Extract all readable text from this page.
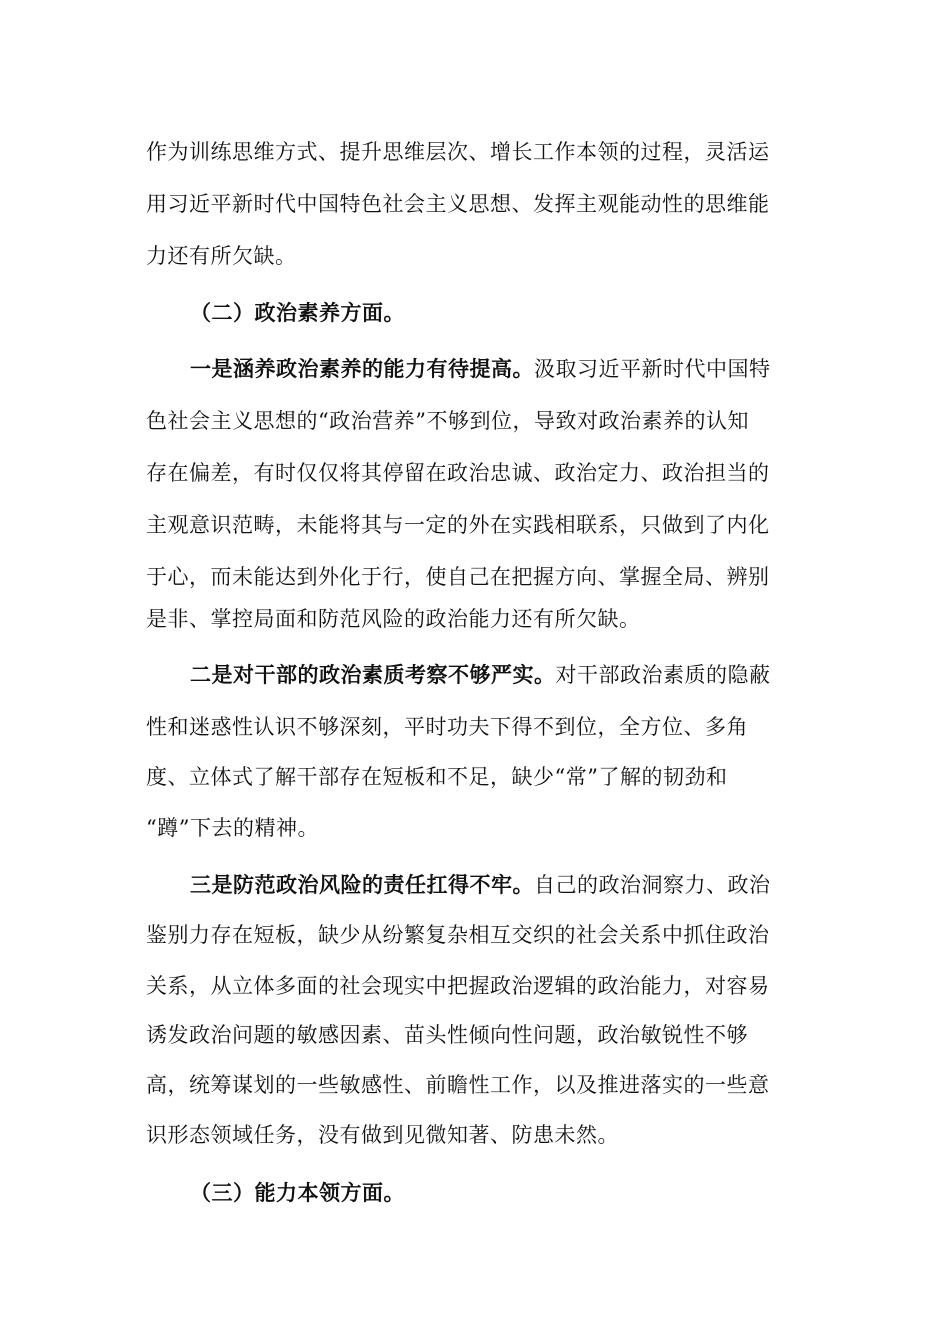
作为训练思维方式、提升思维层次、增长工作本领的过程，灵活运
用习近平新时代中国特色社会主义思想、发挥主观能动性的思维能
力还有所欠缺。
（二）政治素养方面。
一是涵养政治素养的能力有待提高。汲取习近平新时代中国特
色社会主义思想的“政治营养”不够到位，导致对政治素养的认知
存在偏差，有时仅仅将其停留在政治忠诚、政治定力、政治担当的
主观意识范畴，未能将其与一定的外在实践相联系，只做到了内化
于心，而未能达到外化于行，使自己在把握方向、掌握全局、辨别
是非、掌控局面和防范风险的政治能力还有所欠缺。
二是对干部的政治素质考察不够严实。对干部政治素质的隐蔽
性和迷惑性认识不够深刻，平时功夫下得不到位，全方位、多角
度、立体式了解干部存在短板和不足，缺少“常”了解的韧劲和
“蹲”下去的精神。
三是防范政治风险的责任扛得不牢。自己的政治洞察力、政治
鉴别力存在短板，缺少从纷繁复杂相互交织的社会关系中抓住政治
关系，从立体多面的社会现实中把握政治逻辑的政治能力，对容易
诱发政治问题的敏感因素、苗头性倾向性问题，政治敏锐性不够
高，统筹谋划的一些敏感性、前瞻性工作，以及推进落实的一些意
识形态领域任务，没有做到见微知著、防患未然。
（三）能力本领方面。
